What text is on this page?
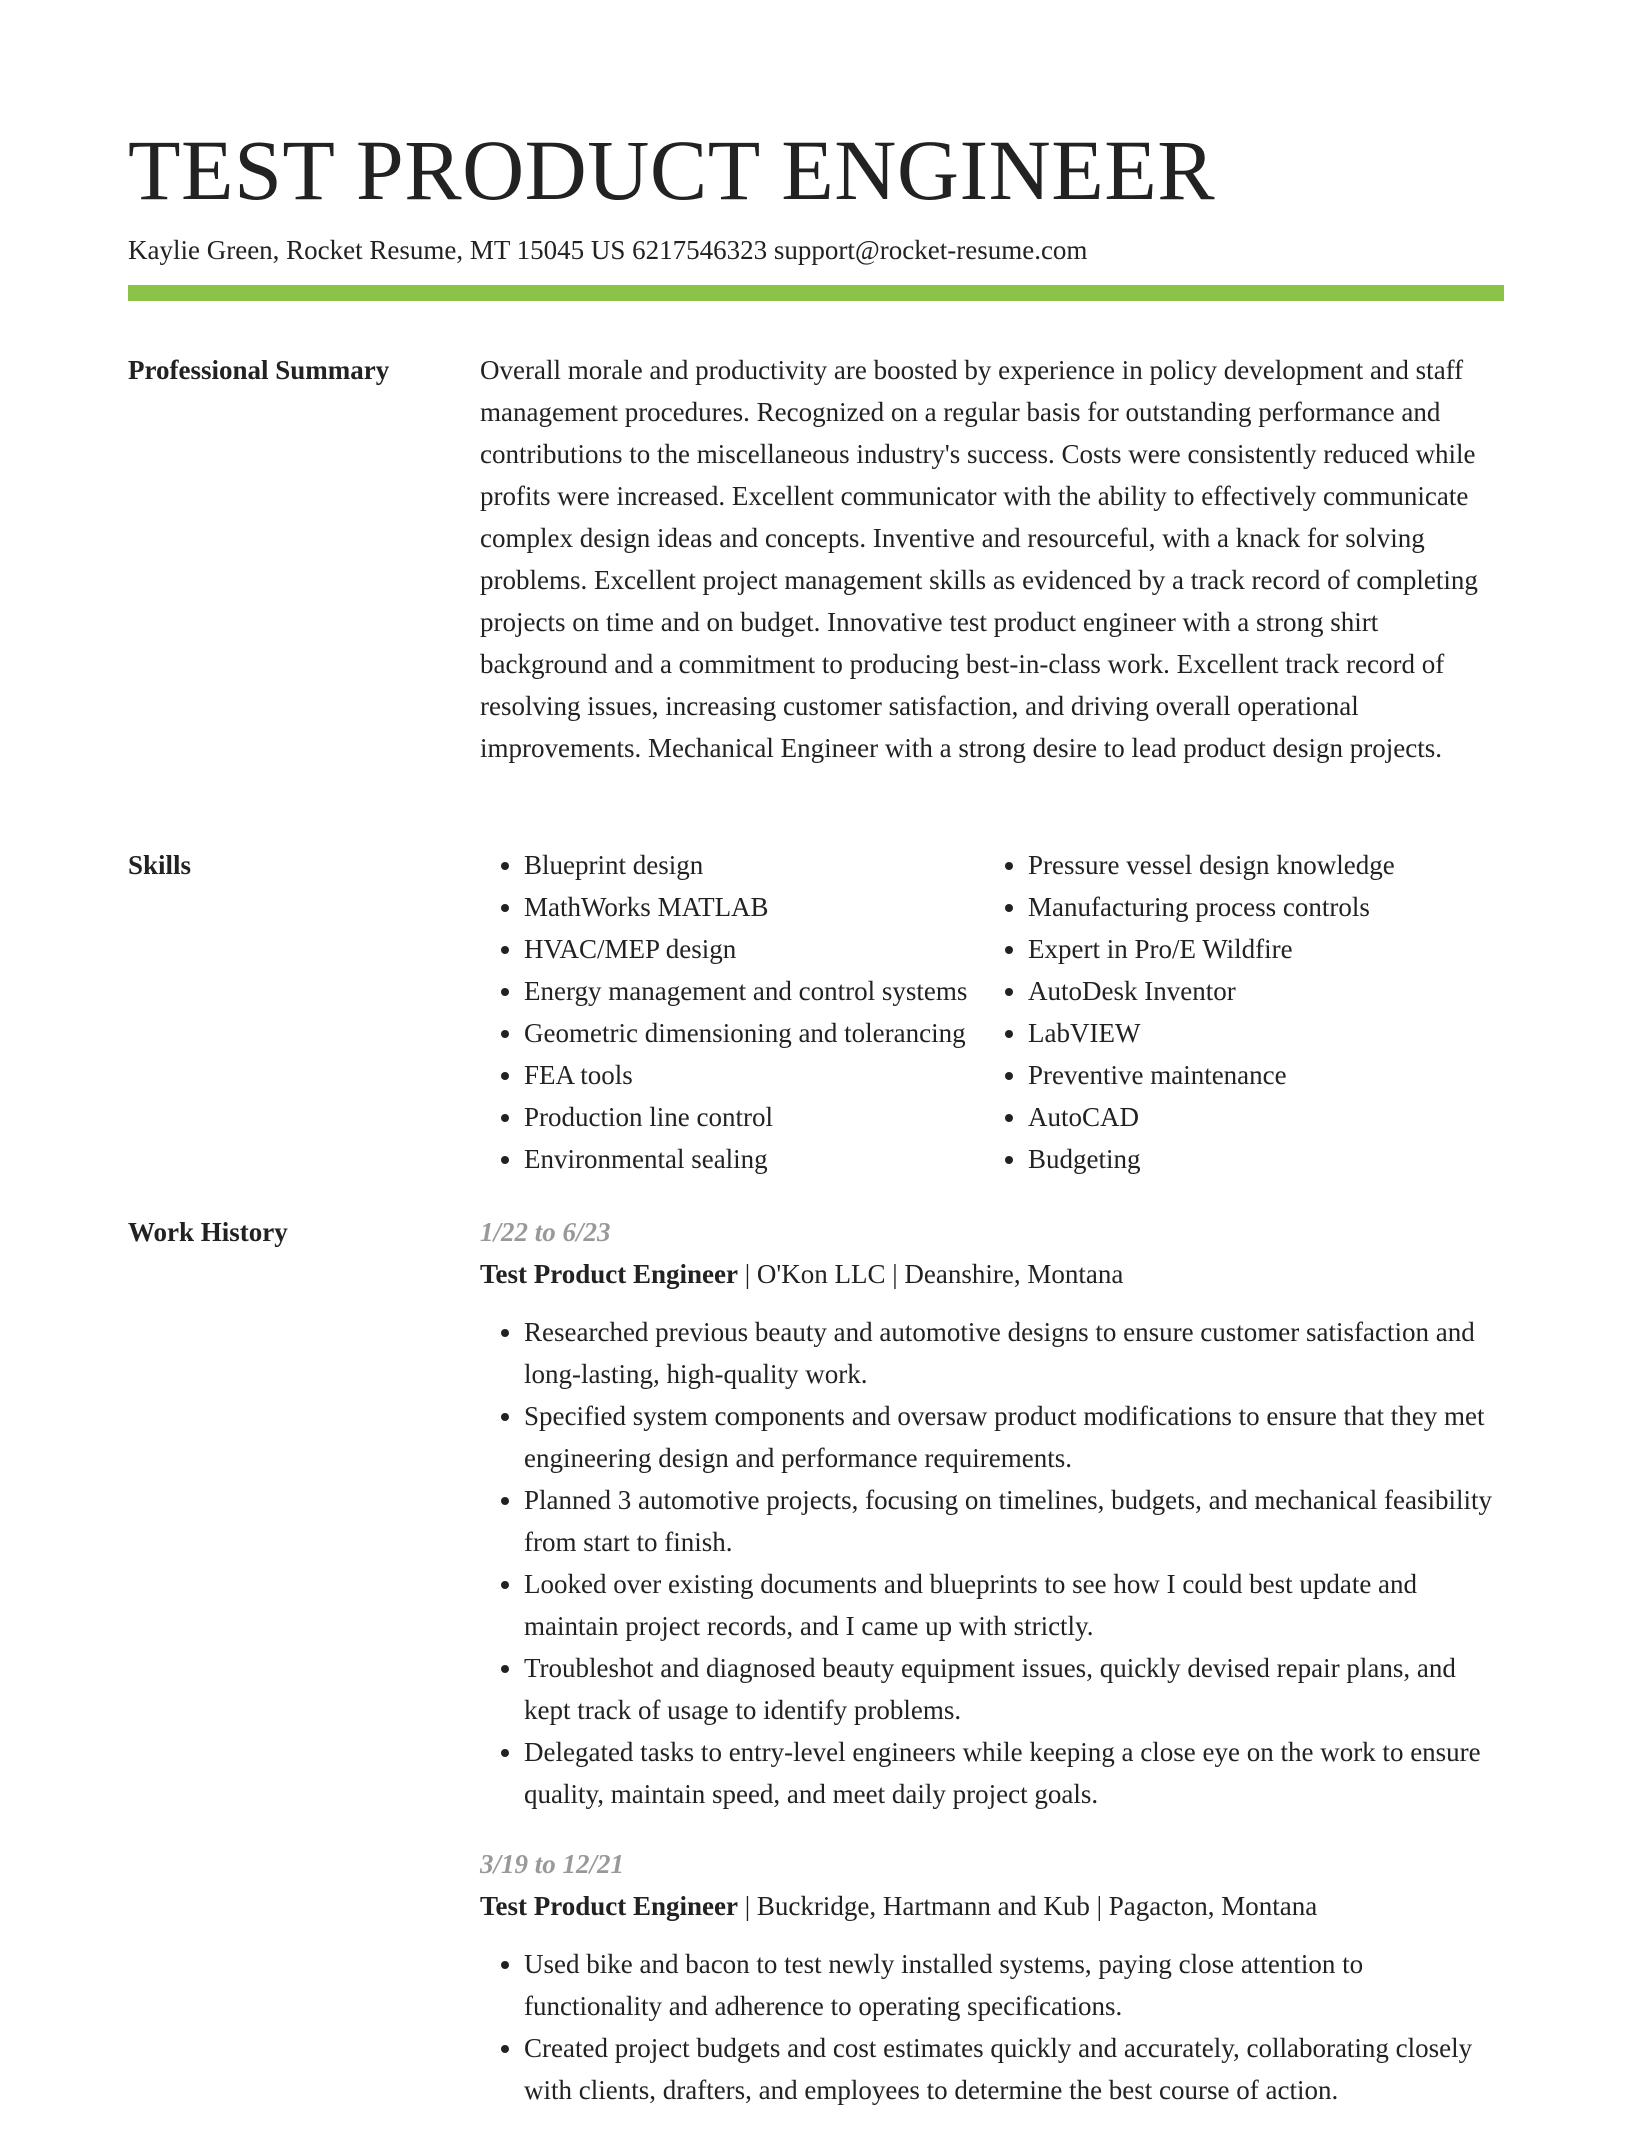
TEST PRODUCT ENGINEER
Kaylie Green, Rocket Resume, MT 15045 US 6217546323 support@rocket-resume.com
Professional Summary	Overall morale and productivity are boosted by experience in policy development and staff management procedures. Recognized on a regular basis for outstanding performance and contributions to the miscellaneous industry's success. Costs were consistently reduced while profits were increased. Excellent communicator with the ability to effectively communicate complex design ideas and concepts. Inventive and resourceful, with a knack for solving problems. Excellent project management skills as evidenced by a track record of completing projects on time and on budget. Innovative test product engineer with a strong shirt background and a commitment to producing best-in-class work. Excellent track record of resolving issues, increasing customer satisfaction, and driving overall operational improvements. Mechanical Engineer with a strong desire to lead product design projects.

Skills
•	Blueprint design
• MathWorks MATLAB
• HVAC/MEP design
• Energy management and control systems
• Geometric dimensioning and tolerancing
• FEA tools
• Production line control
• Environmental sealing
• Pressure vessel design knowledge
• Manufacturing process controls
• Expert in Pro/E Wildfire
• AutoDesk Inventor
• LabVIEW
• Preventive maintenance
• AutoCAD
• Budgeting
Work History	1/22 to 6/23
Test Product Engineer | O'Kon LLC | Deanshire, Montana
• Researched previous beauty and automotive designs to ensure customer satisfaction and long-lasting, high-quality work.
• Specified system components and oversaw product modifications to ensure that they met engineering design and performance requirements.
• Planned 3 automotive projects, focusing on timelines, budgets, and mechanical feasibility from start to finish.
• Looked over existing documents and blueprints to see how I could best update and maintain project records, and I came up with strictly.
• Troubleshot and diagnosed beauty equipment issues, quickly devised repair plans, and kept track of usage to identify problems.
• Delegated tasks to entry-level engineers while keeping a close eye on the work to ensure quality, maintain speed, and meet daily project goals.
3/19 to 12/21
Test Product Engineer | Buckridge, Hartmann and Kub | Pagacton, Montana
• Used bike and bacon to test newly installed systems, paying close attention to functionality and adherence to operating specifications.
• Created project budgets and cost estimates quickly and accurately, collaborating closely with clients, drafters, and employees to determine the best course of action.
